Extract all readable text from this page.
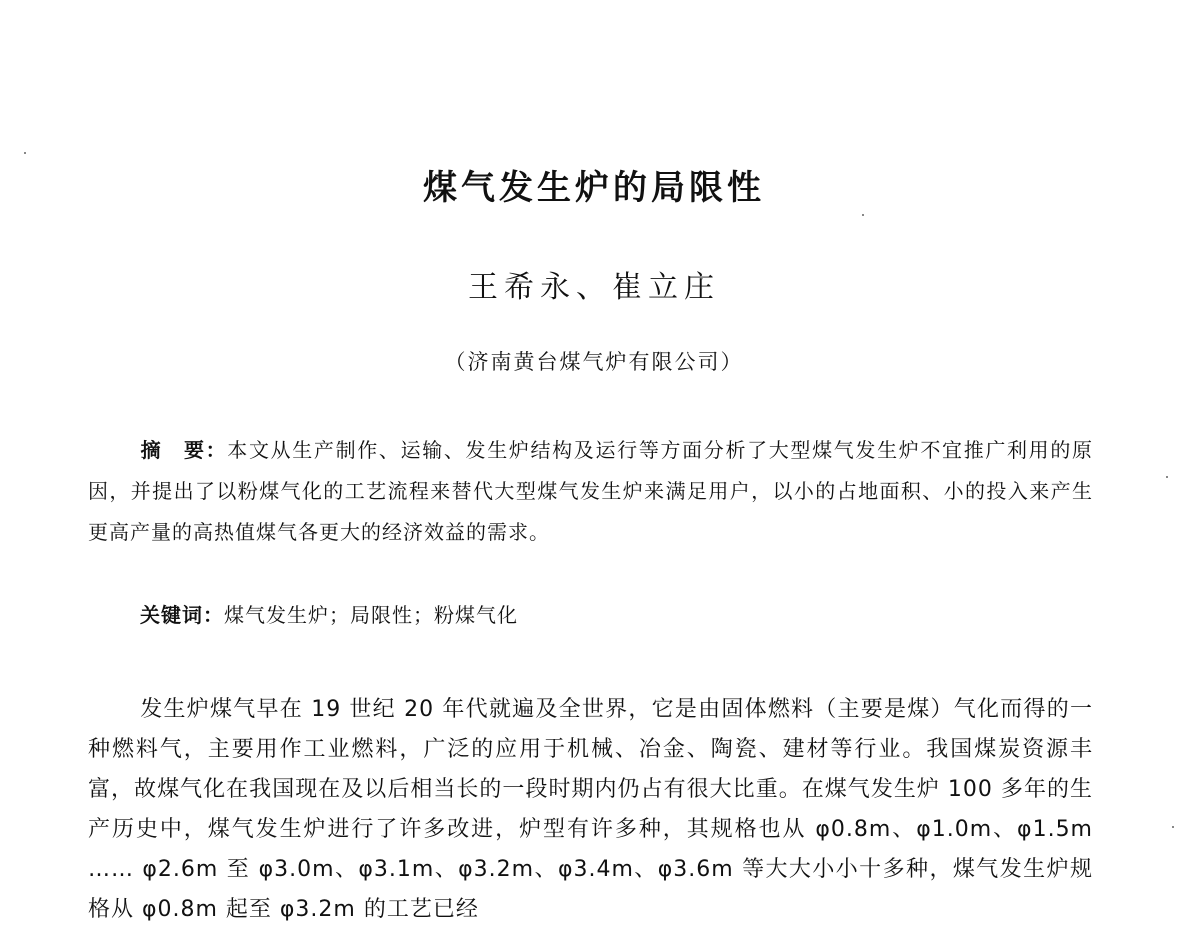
煤气发生炉的局限性
王希永、崔立庄
（济南黄台煤气炉有限公司）
摘　要：本文从生产制作、运输、发生炉结构及运行等方面分析了大型煤气发生炉不宜推广利用的原因，并提出了以粉煤气化的工艺流程来替代大型煤气发生炉来满足用户，以小的占地面积、小的投入来产生更高产量的高热值煤气各更大的经济效益的需求。
关键词：煤气发生炉；局限性；粉煤气化
发生炉煤气早在 19 世纪 20 年代就遍及全世界，它是由固体燃料（主要是煤）气化而得的一种燃料气，主要用作工业燃料，广泛的应用于机械、冶金、陶瓷、建材等行业。我国煤炭资源丰富，故煤气化在我国现在及以后相当长的一段时期内仍占有很大比重。在煤气发生炉 100 多年的生产历史中，煤气发生炉进行了许多改进，炉型有许多种，其规格也从 φ0.8m、φ1.0m、φ1.5m …… φ2.6m 至 φ3.0m、φ3.1m、φ3.2m、φ3.4m、φ3.6m 等大大小小十多种，煤气发生炉规格从 φ0.8m 起至 φ3.2m 的工艺已经
